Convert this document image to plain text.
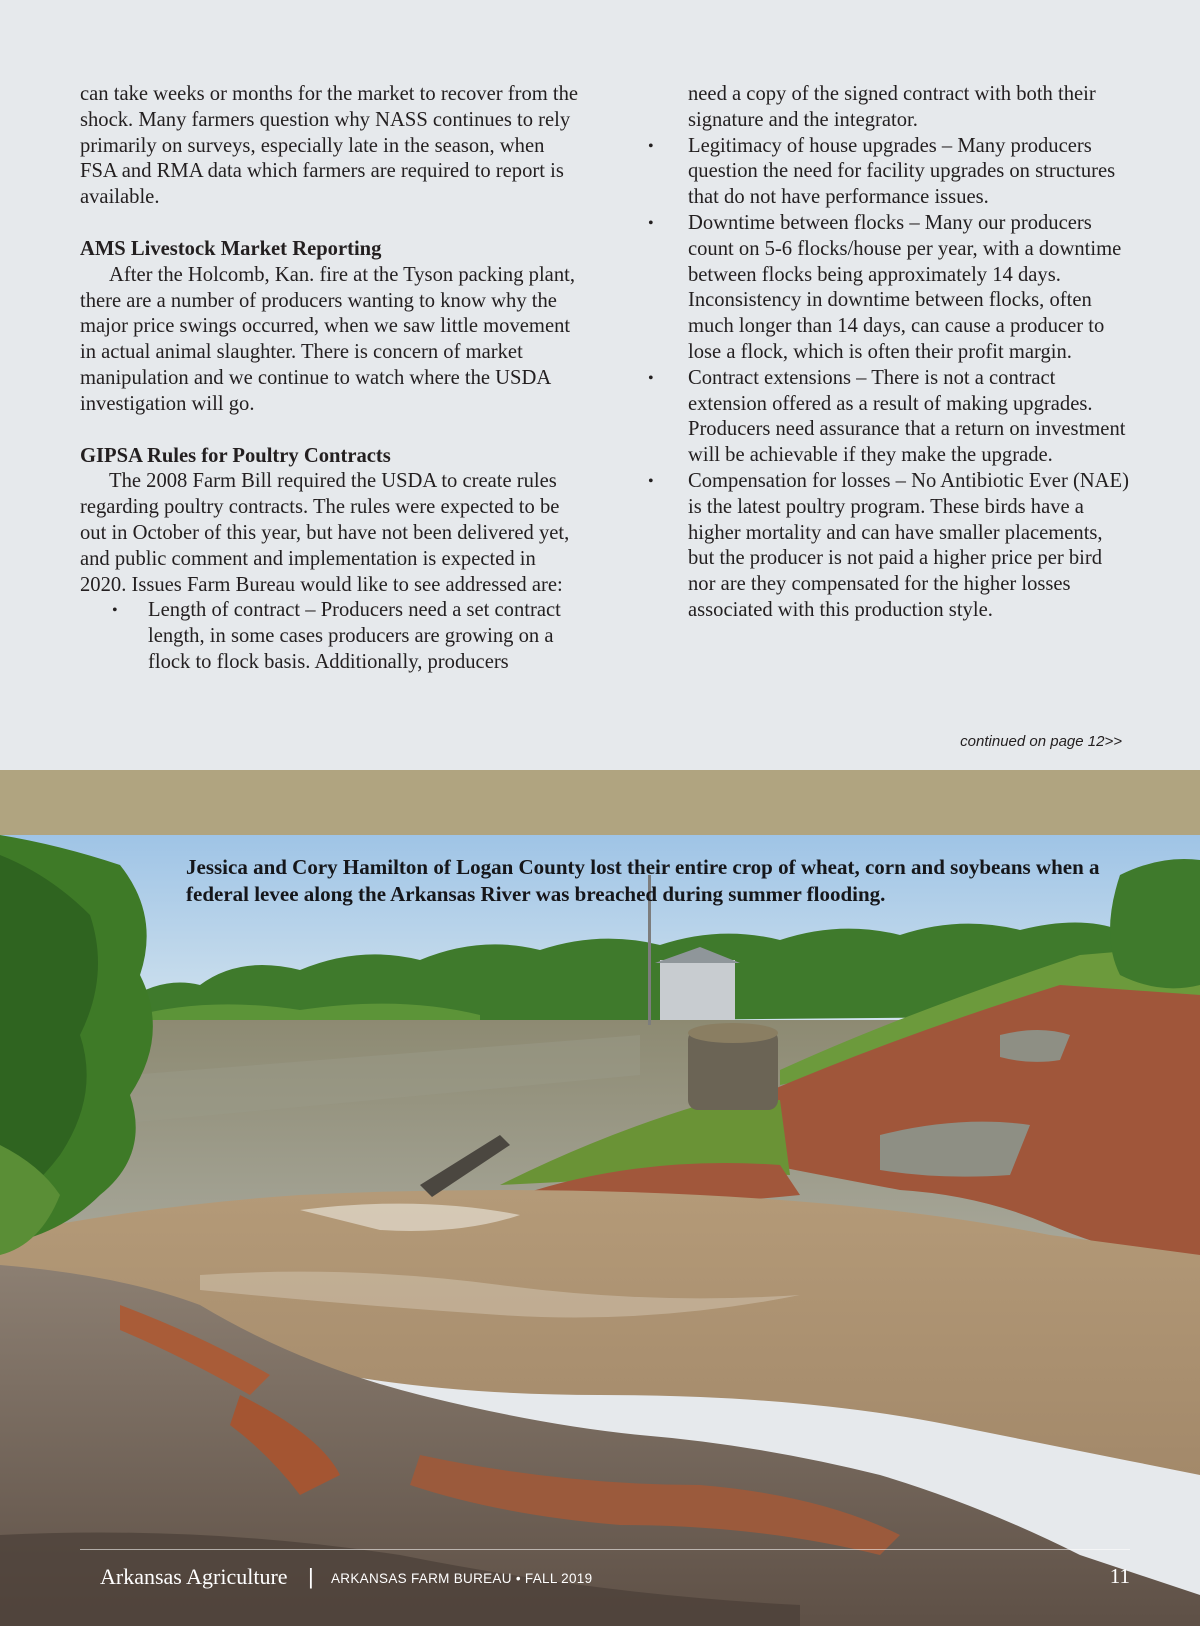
can take weeks or months for the market to recover from the shock. Many farmers question why NASS continues to rely primarily on surveys, especially late in the season, when FSA and RMA data which farmers are required to report is available.

AMS Livestock Market Reporting

After the Holcomb, Kan. fire at the Tyson packing plant, there are a number of producers wanting to know why the major price swings occurred, when we saw little movement in actual animal slaughter. There is concern of market manipulation and we continue to watch where the USDA investigation will go.

GIPSA Rules for Poultry Contracts

The 2008 Farm Bill required the USDA to create rules regarding poultry contracts. The rules were expected to be out in October of this year, but have not been delivered yet, and public comment and implementation is expected in 2020. Issues Farm Bureau would like to see addressed are:

• Length of contract – Producers need a set contract length, in some cases producers are growing on a flock to flock basis. Additionally, producers
need a copy of the signed contract with both their signature and the integrator.
• Legitimacy of house upgrades – Many producers question the need for facility upgrades on structures that do not have performance issues.
• Downtime between flocks – Many our producers count on 5-6 flocks/house per year, with a downtime between flocks being approximately 14 days. Inconsistency in downtime between flocks, often much longer than 14 days, can cause a producer to lose a flock, which is often their profit margin.
• Contract extensions – There is not a contract extension offered as a result of making upgrades. Producers need assurance that a return on investment will be achievable if they make the upgrade.
• Compensation for losses – No Antibiotic Ever (NAE) is the latest poultry program. These birds have a higher mortality and can have smaller placements, but the producer is not paid a higher price per bird nor are they compensated for the higher losses associated with this production style.
continued on page 12>>
Jessica and Cory Hamilton of Logan County lost their entire crop of wheat, corn and soybeans when a federal levee along the Arkansas River was breached during summer flooding.
Arkansas Agriculture | ARKANSAS FARM BUREAU • FALL 2019	11
